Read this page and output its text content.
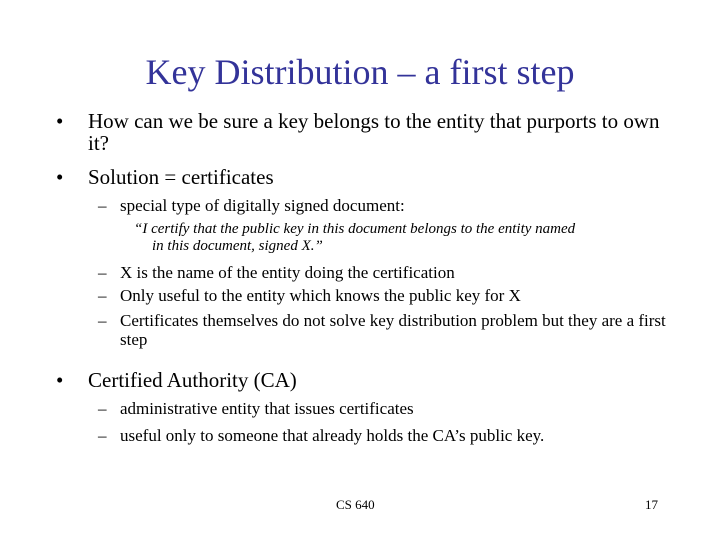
Key Distribution – a first step
• How can we be sure a key belongs to the entity that purports to own it?
• Solution = certificates
– special type of digitally signed document:
“I certify that the public key in this document belongs to the entity named
in this document, signed X.”
– X is the name of the entity doing the certification
– Only useful to the entity which knows the public key for X
– Certificates themselves do not solve key distribution problem but they are a first step
• Certified Authority (CA)
– administrative entity that issues certificates
– useful only to someone that already holds the CA’s public key.
CS 640	17
